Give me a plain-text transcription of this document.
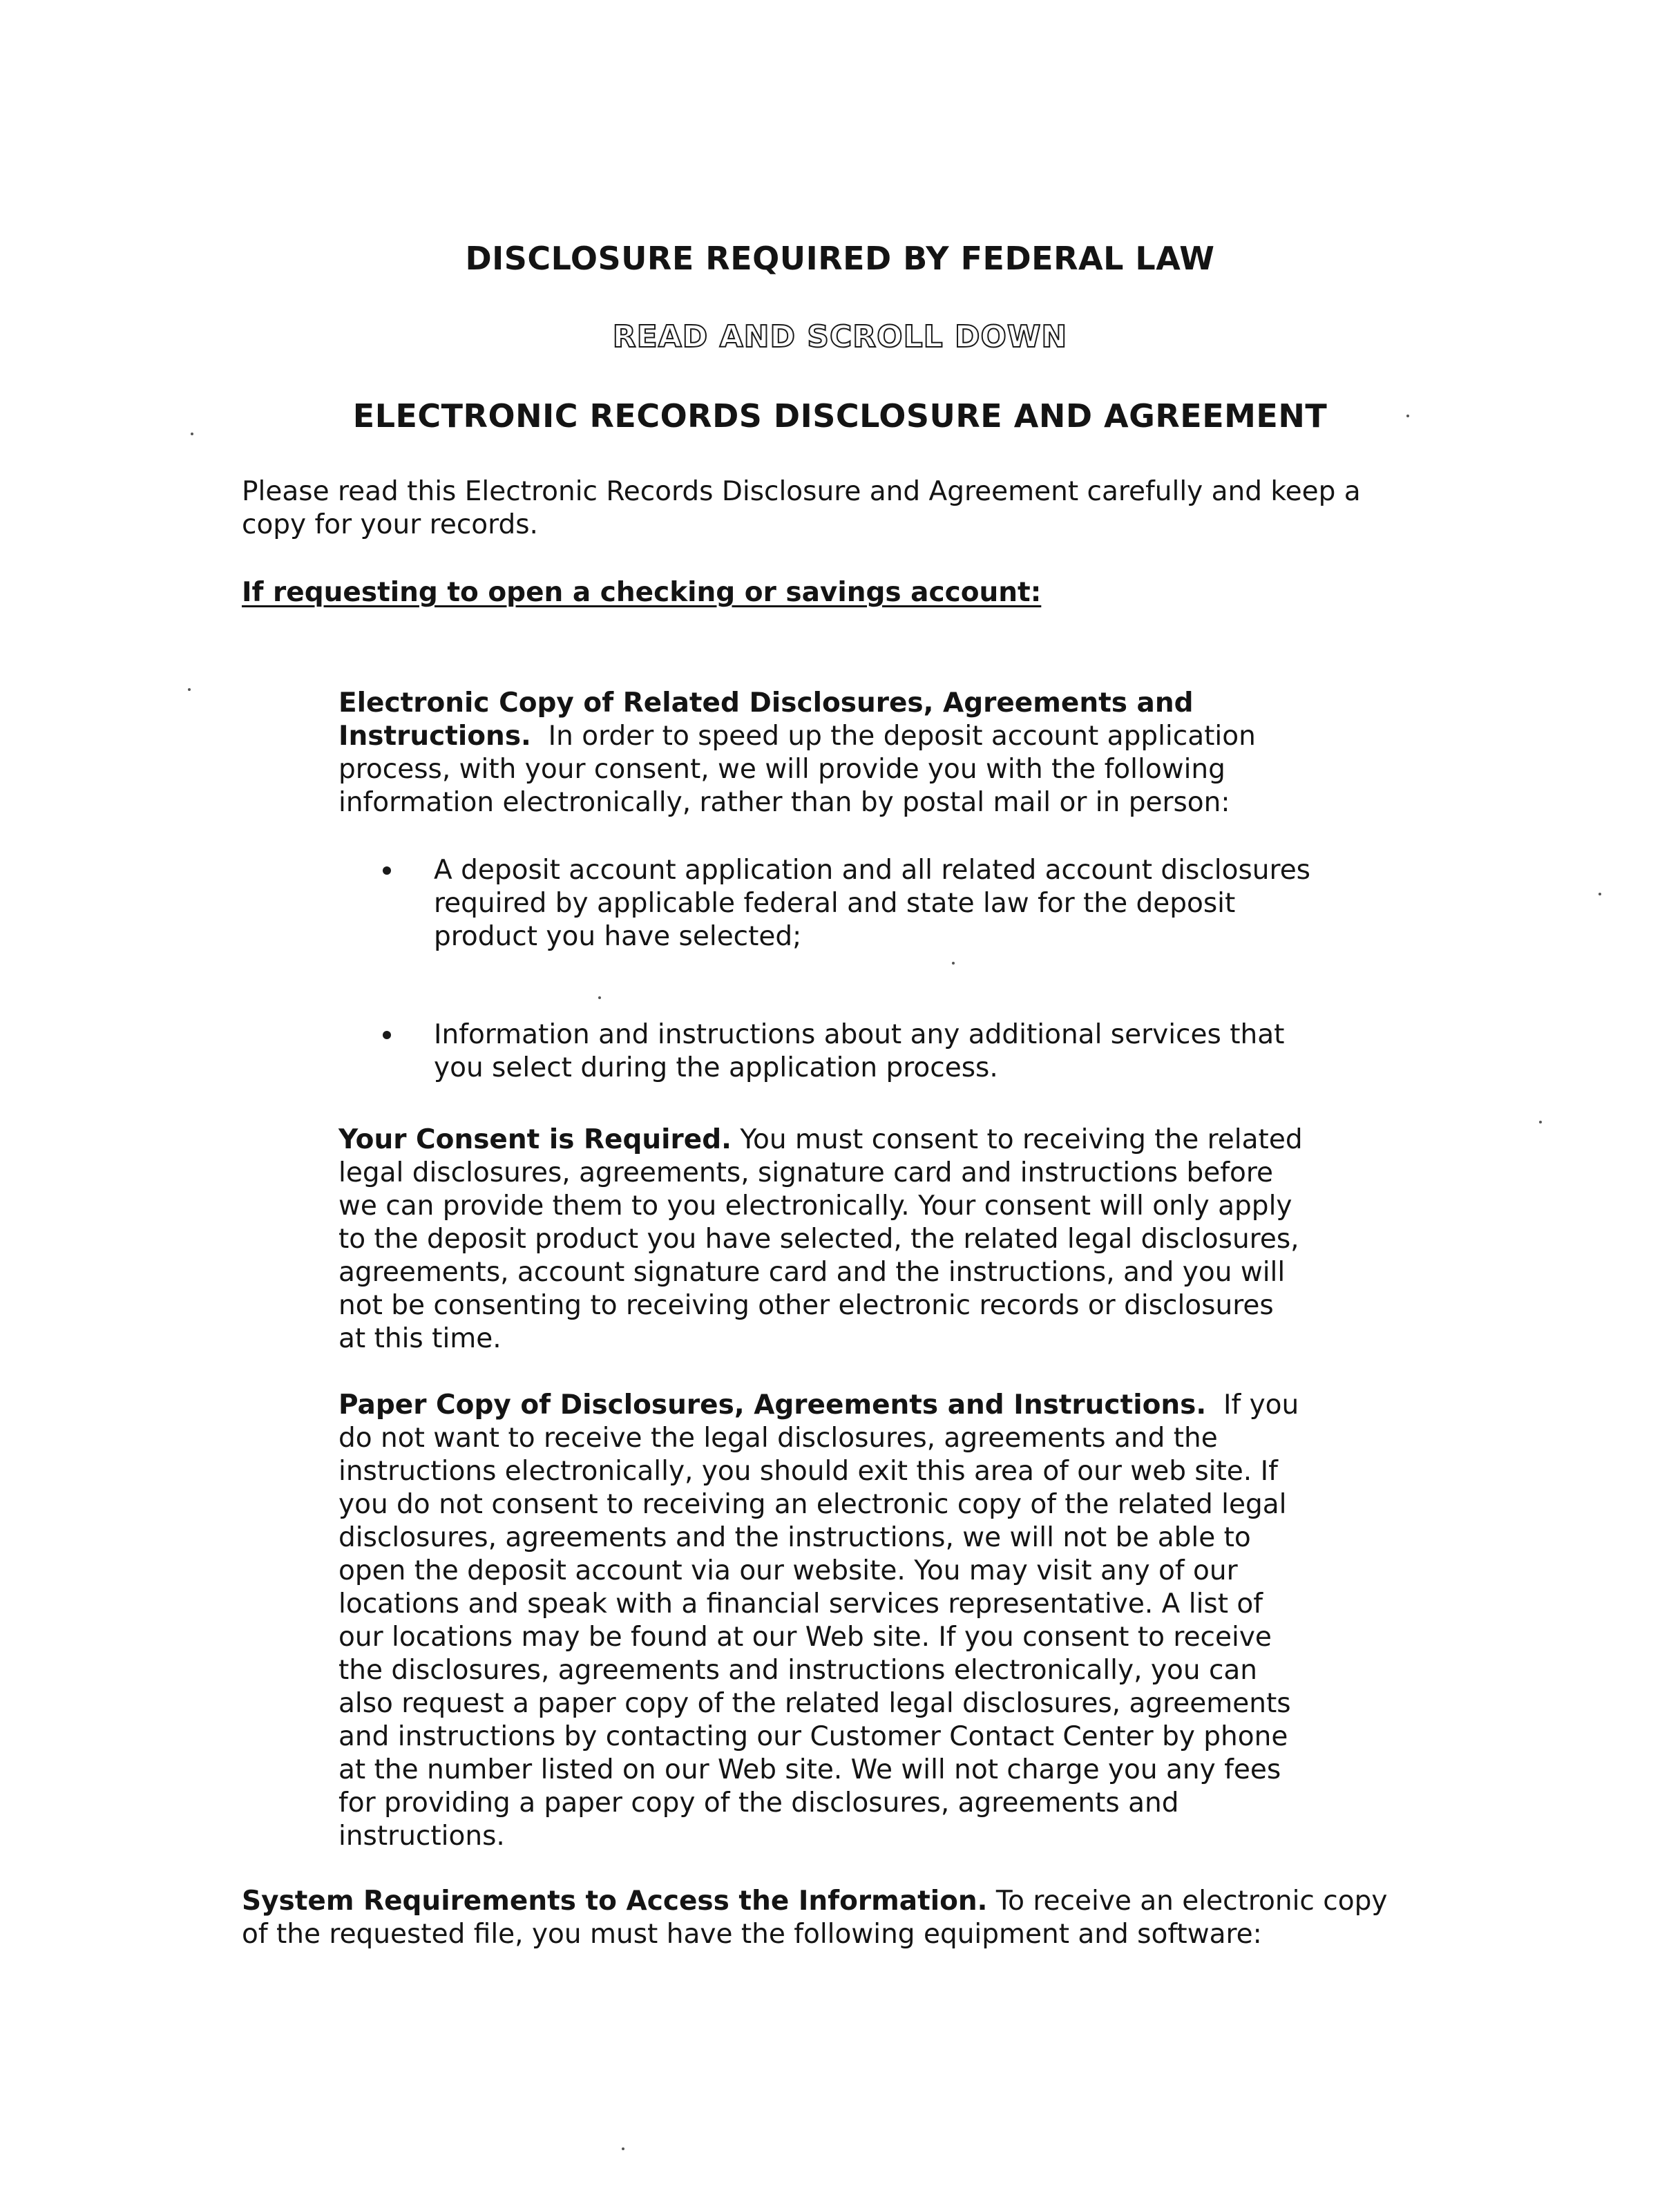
DISCLOSURE REQUIRED BY FEDERAL LAW
READ AND SCROLL DOWN
ELECTRONIC RECORDS DISCLOSURE AND AGREEMENT

Please read this Electronic Records Disclosure and Agreement carefully and keep a copy for your records.

If requesting to open a checking or savings account:

Electronic Copy of Related Disclosures, Agreements and Instructions. In order to speed up the deposit account application process, with your consent, we will provide you with the following information electronically, rather than by postal mail or in person:

A deposit account application and all related account disclosures required by applicable federal and state law for the deposit product you have selected;
Information and instructions about any additional services that you select during the application process.

Your Consent is Required. You must consent to receiving the related legal disclosures, agreements, signature card and instructions before we can provide them to you electronically. Your consent will only apply to the deposit product you have selected, the related legal disclosures, agreements, account signature card and the instructions, and you will not be consenting to receiving other electronic records or disclosures at this time.

Paper Copy of Disclosures, Agreements and Instructions. If you do not want to receive the legal disclosures, agreements and the instructions electronically, you should exit this area of our web site. If you do not consent to receiving an electronic copy of the related legal disclosures, agreements and the instructions, we will not be able to open the deposit account via our website. You may visit any of our locations and speak with a financial services representative. A list of our locations may be found at our Web site. If you consent to receive the disclosures, agreements and instructions electronically, you can also request a paper copy of the related legal disclosures, agreements and instructions by contacting our Customer Contact Center by phone at the number listed on our Web site. We will not charge you any fees for providing a paper copy of the disclosures, agreements and instructions.

System Requirements to Access the Information. To receive an electronic copy of the requested file, you must have the following equipment and software:
